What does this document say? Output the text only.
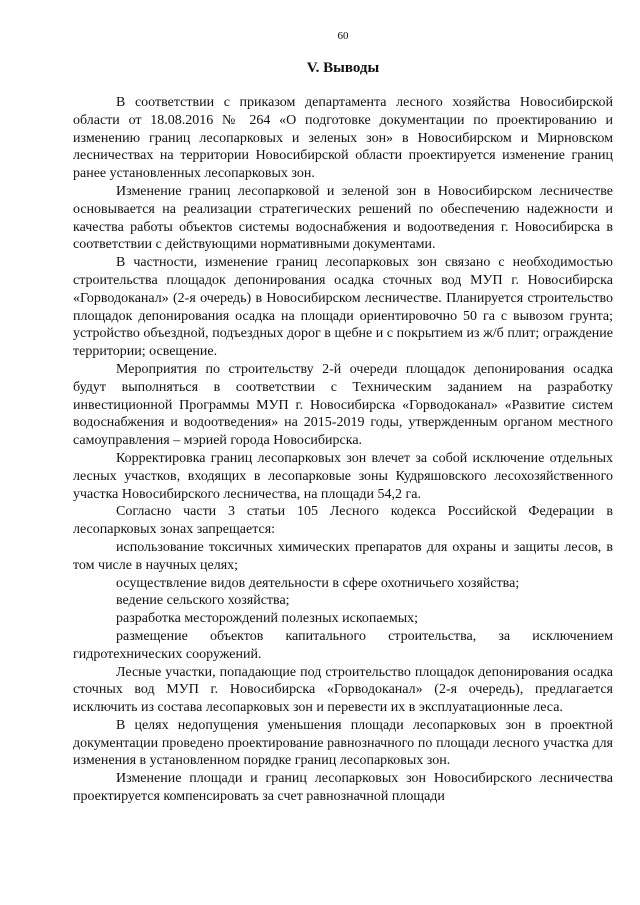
60
V. Выводы

В соответствии с приказом департамента лесного хозяйства Новосибирской области от 18.08.2016 № 264 «О подготовке документации по проектированию и изменению границ лесопарковых и зеленых зон» в Новосибирском и Мирновском лесничествах на территории Новосибирской области проектируется изменение границ ранее установленных лесопарковых зон.

Изменение границ лесопарковой и зеленой зон в Новосибирском лесничестве основывается на реализации стратегических решений по обеспечению надежности и качества работы объектов системы водоснабжения и водоотведения г. Новосибирска в соответствии с действующими нормативными документами.

В частности, изменение границ лесопарковых зон связано с необходимостью строительства площадок депонирования осадка сточных вод МУП г. Новосибирска «Горводоканал» (2-я очередь) в Новосибирском лесничестве. Планируется строительство площадок депонирования осадка на площади ориентировочно 50 га с вывозом грунта; устройство объездной, подъездных дорог в щебне и с покрытием из ж/б плит; ограждение территории; освещение.

Мероприятия по строительству 2-й очереди площадок депонирования осадка будут выполняться в соответствии с Техническим заданием на разработку инвестиционной Программы МУП г. Новосибирска «Горводоканал» «Развитие систем водоснабжения и водоотведения» на 2015-2019 годы, утвержденным органом местного самоуправления – мэрией города Новосибирска.

Корректировка границ лесопарковых зон влечет за собой исключение отдельных лесных участков, входящих в лесопарковые зоны Кудряшовского лесохозяйственного участка Новосибирского лесничества, на площади 54,2 га.

Согласно части 3 статьи 105 Лесного кодекса Российской Федерации в лесопарковых зонах запрещается:

использование токсичных химических препаратов для охраны и защиты лесов, в том числе в научных целях;

осуществление видов деятельности в сфере охотничьего хозяйства;

ведение сельского хозяйства;

разработка месторождений полезных ископаемых;

размещение объектов капитального строительства, за исключением гидротехнических сооружений.

Лесные участки, попадающие под строительство площадок депонирования осадка сточных вод МУП г. Новосибирска «Горводоканал» (2-я очередь), предлагается исключить из состава лесопарковых зон и перевести их в эксплуатационные леса.

В целях недопущения уменьшения площади лесопарковых зон в проектной документации проведено проектирование равнозначного по площади лесного участка для изменения в установленном порядке границ лесопарковых зон.

Изменение площади и границ лесопарковых зон Новосибирского лесничества проектируется компенсировать за счет равнозначной площади
